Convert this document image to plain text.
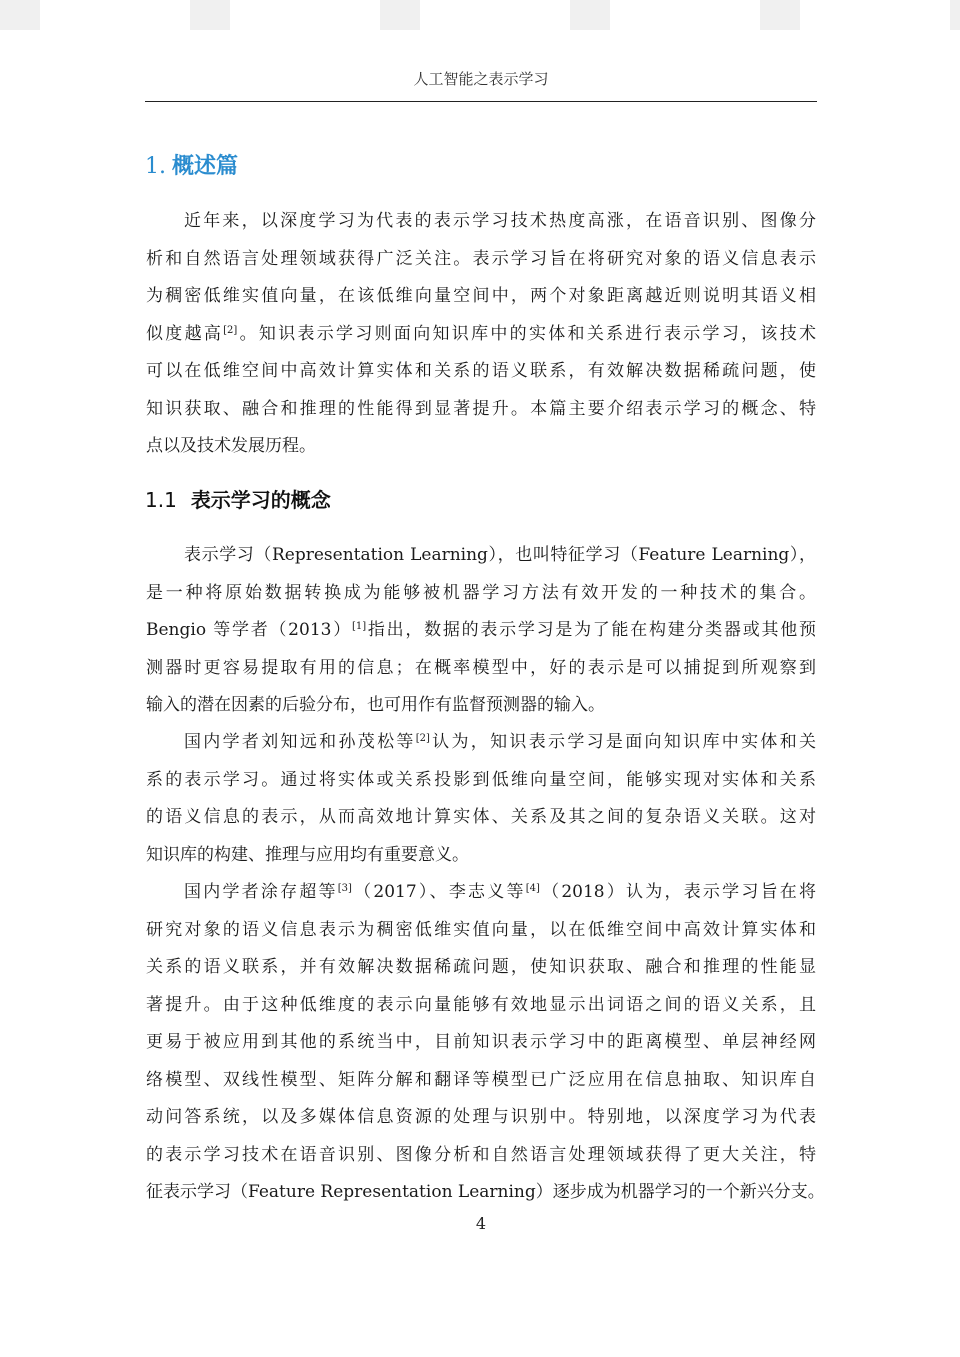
人工智能之表示学习
1. 概述篇
近年来，以深度学习为代表的表示学习技术热度高涨，在语音识别、图像分
析和自然语言处理领域获得广泛关注。表示学习旨在将研究对象的语义信息表示
为稠密低维实值向量，在该低维向量空间中，两个对象距离越近则说明其语义相
似度越高[2]。知识表示学习则面向知识库中的实体和关系进行表示学习，该技术
可以在低维空间中高效计算实体和关系的语义联系，有效解决数据稀疏问题，使
知识获取、融合和推理的性能得到显著提升。本篇主要介绍表示学习的概念、特
点以及技术发展历程。
1.1 表示学习的概念
表示学习（Representation Learning），也叫特征学习（Feature Learning），
是一种将原始数据转换成为能够被机器学习方法有效开发的一种技术的集合。
Bengio 等学者（2013）[1]指出，数据的表示学习是为了能在构建分类器或其他预
测器时更容易提取有用的信息；在概率模型中，好的表示是可以捕捉到所观察到
输入的潜在因素的后验分布，也可用作有监督预测器的输入。
国内学者刘知远和孙茂松等[2]认为，知识表示学习是面向知识库中实体和关
系的表示学习。通过将实体或关系投影到低维向量空间，能够实现对实体和关系
的语义信息的表示，从而高效地计算实体、关系及其之间的复杂语义关联。这对
知识库的构建、推理与应用均有重要意义。
国内学者涂存超等[3]（2017）、李志义等[4]（2018）认为，表示学习旨在将
研究对象的语义信息表示为稠密低维实值向量，以在低维空间中高效计算实体和
关系的语义联系，并有效解决数据稀疏问题，使知识获取、融合和推理的性能显
著提升。由于这种低维度的表示向量能够有效地显示出词语之间的语义关系，且
更易于被应用到其他的系统当中，目前知识表示学习中的距离模型、单层神经网
络模型、双线性模型、矩阵分解和翻译等模型已广泛应用在信息抽取、知识库自
动问答系统，以及多媒体信息资源的处理与识别中。特别地，以深度学习为代表
的表示学习技术在语音识别、图像分析和自然语言处理领域获得了更大关注，特
征表示学习（Feature Representation Learning）逐步成为机器学习的一个新兴分支。
4
